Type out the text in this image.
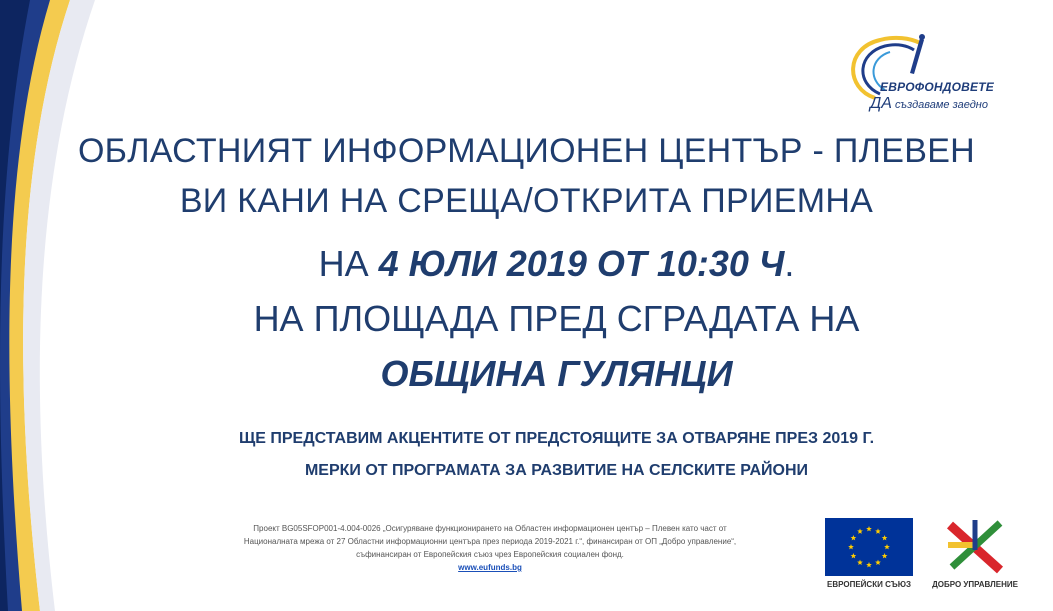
ЕВРОФОНДОВЕТЕ
ДА създаваме заедно
ОБЛАСТНИЯТ ИНФОРМАЦИОНЕН ЦЕНТЪР - ПЛЕВЕН
ВИ КАНИ НА СРЕЩА/ОТКРИТА ПРИЕМНА
НА 4 ЮЛИ 2019 ОТ 10:30 Ч.
НА ПЛОЩАДА ПРЕД СГРАДАТА НА
ОБЩИНА ГУЛЯНЦИ
ЩЕ ПРЕДСТАВИМ АКЦЕНТИТЕ ОТ ПРЕДСТОЯЩИТЕ ЗА ОТВАРЯНЕ ПРЕЗ 2019 Г.
МЕРКИ ОТ ПРОГРАМАТА ЗА РАЗВИТИЕ НА СЕЛСКИТЕ РАЙОНИ
Проект BG05SFOP001-4.004-0026 „Осигуряване функционирането на Областен информационен център – Плевен като част от
Националната мрежа от 27 Областни информационни центъра през периода 2019-2021 г.“, финансиран от ОП „Добро управление“,
съфинансиран от Европейския съюз чрез Европейския социален фонд.
www.eufunds.bg
ЕВРОПЕЙСКИ СЪЮЗ	ДОБРО УПРАВЛЕНИЕ
